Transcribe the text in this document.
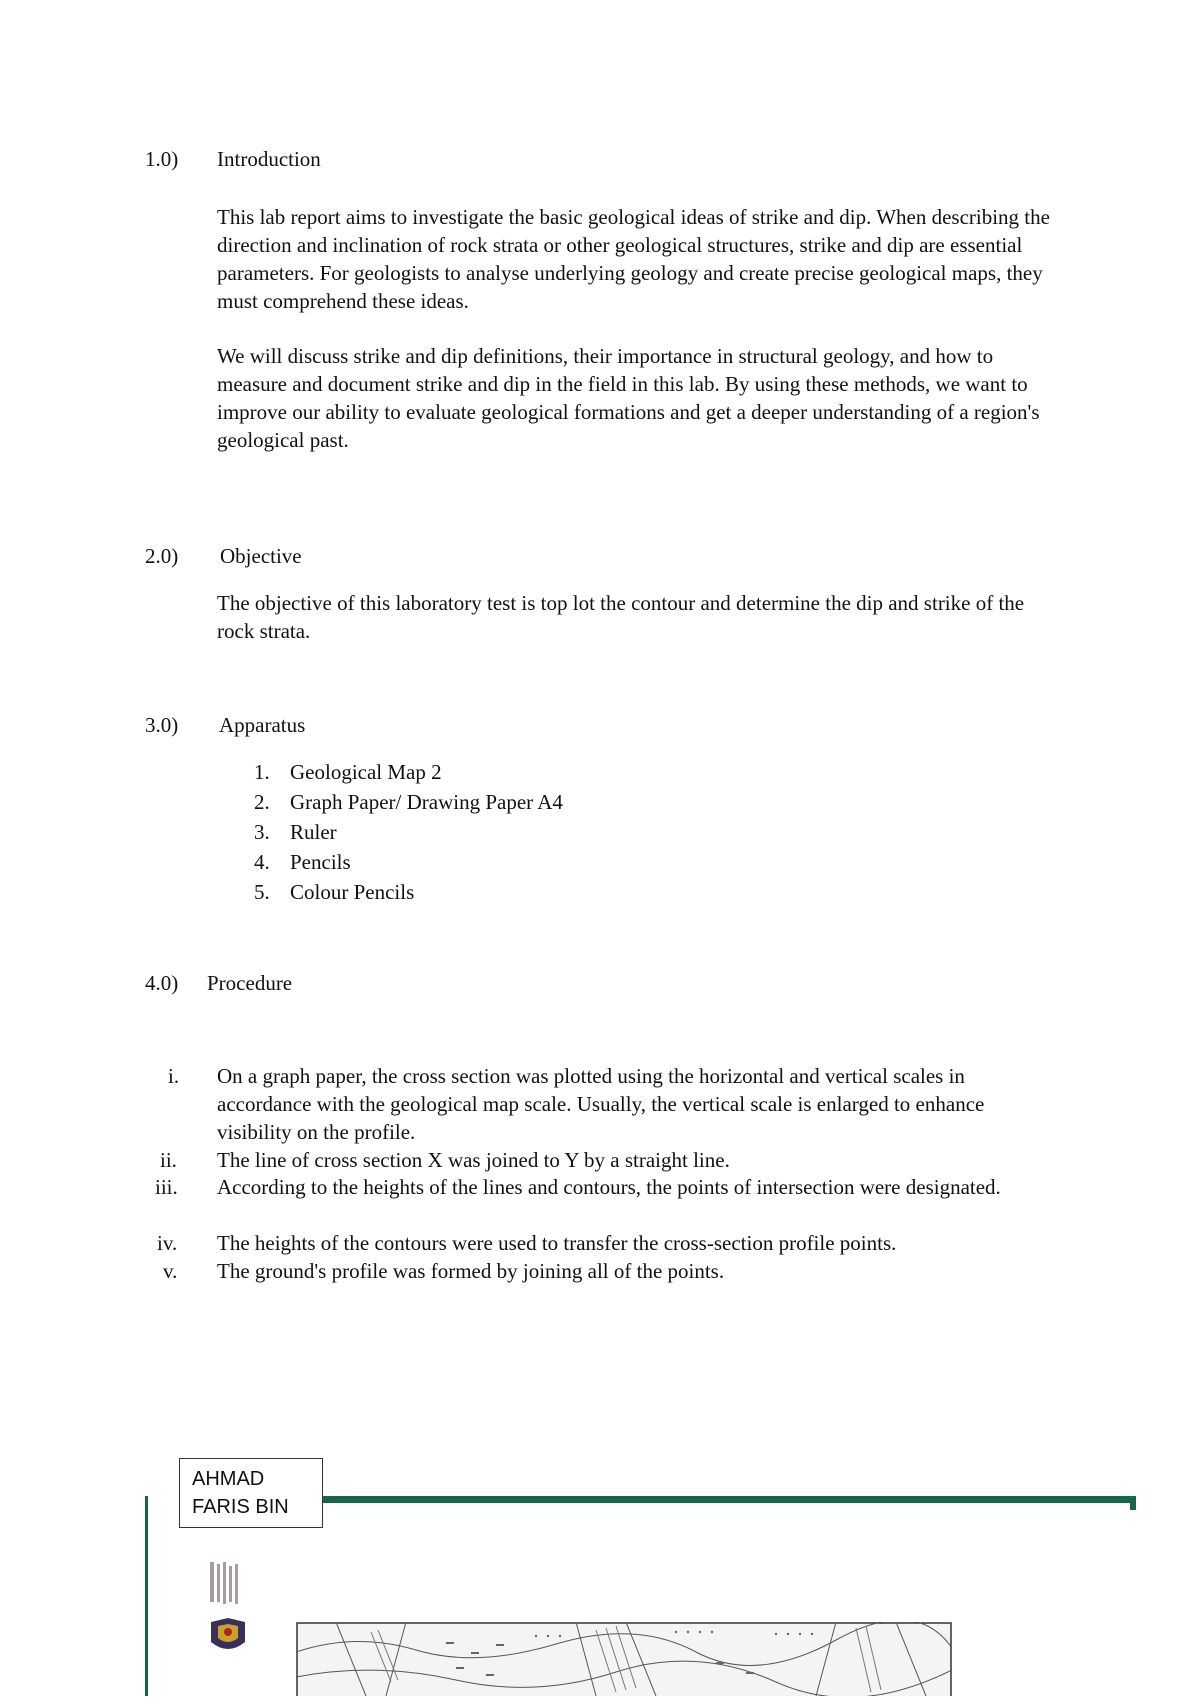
1.0) Introduction

This lab report aims to investigate the basic geological ideas of strike and dip. When describing the direction and inclination of rock strata or other geological structures, strike and dip are essential parameters. For geologists to analyse underlying geology and create precise geological maps, they must comprehend these ideas.

We will discuss strike and dip definitions, their importance in structural geology, and how to measure and document strike and dip in the field in this lab. By using these methods, we want to improve our ability to evaluate geological formations and get a deeper understanding of a region's geological past.

2.0) Objective

The objective of this laboratory test is top lot the contour and determine the dip and strike of the rock strata.

3.0) Apparatus
1. Geological Map 2
2. Graph Paper/ Drawing Paper A4
3. Ruler
4. Pencils
5. Colour Pencils
4.0) Procedure
i. On a graph paper, the cross section was plotted using the horizontal and vertical scales in accordance with the geological map scale. Usually, the vertical scale is enlarged to enhance visibility on the profile.
ii. The line of cross section X was joined to Y by a straight line.
iii. According to the heights of the lines and contours, the points of intersection were designated.
iv. The heights of the contours were used to transfer the cross-section profile points.
v. The ground's profile was formed by joining all of the points.
AHMAD
FARIS BIN
